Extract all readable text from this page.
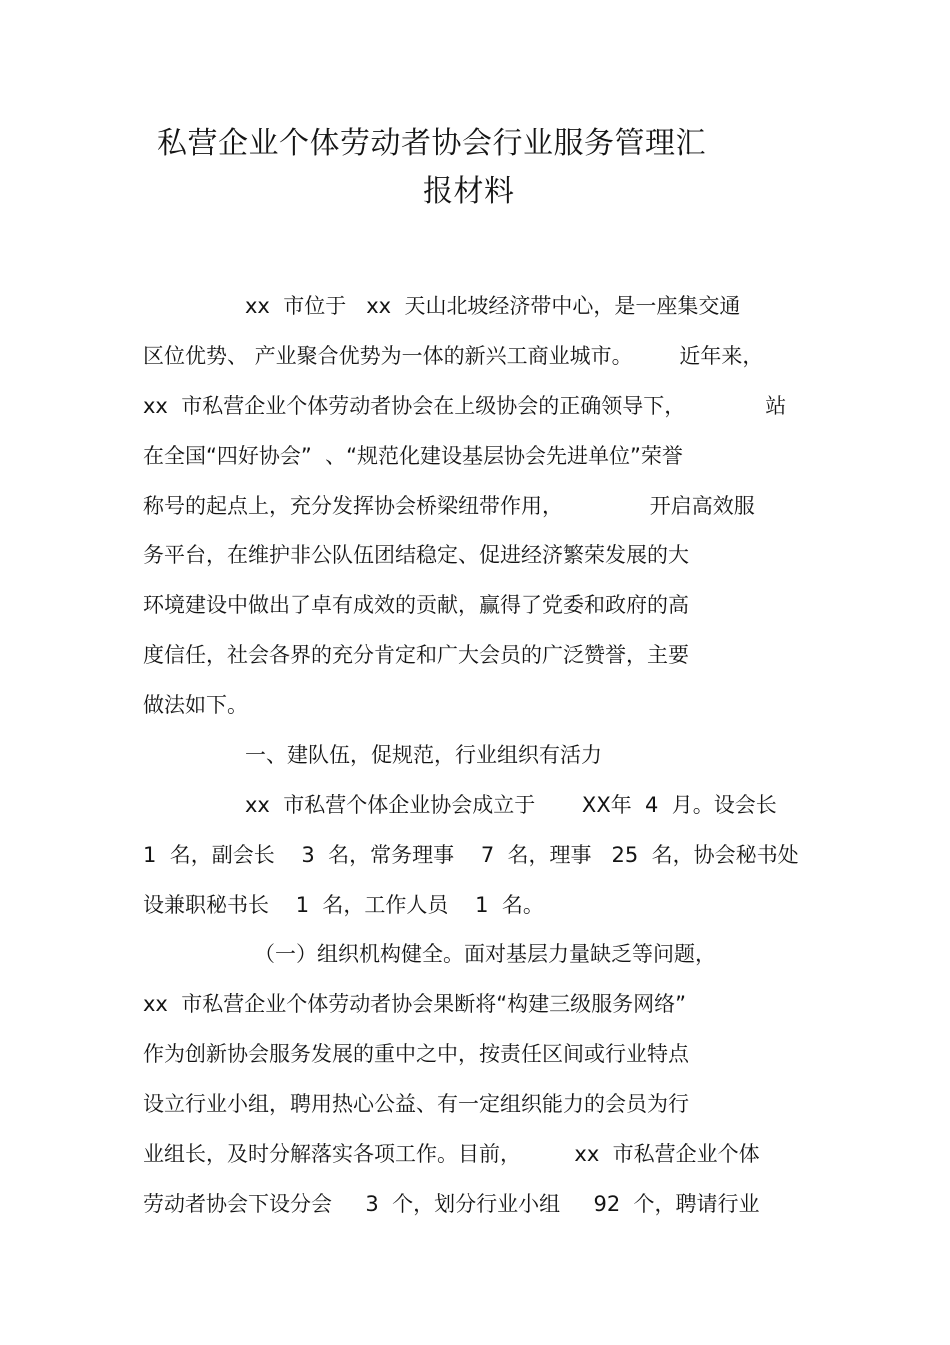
私营企业个体劳动者协会行业服务管理汇
报材料
xx  市位于   xx  天山北坡经济带中心，是一座集交通
区位优势、 产业聚合优势为一体的新兴工商业城市。       近年来，
xx  市私营企业个体劳动者协会在上级协会的正确领导下，            站
在全国“四好协会”  、“规范化建设基层协会先进单位”荣誉
称号的起点上，充分发挥协会桥梁纽带作用，             开启高效服
务平台，在维护非公队伍团结稳定、促进经济繁荣发展的大
环境建设中做出了卓有成效的贡献，赢得了党委和政府的高
度信任，社会各界的充分肯定和广大会员的广泛赞誉，主要
做法如下。
一、建队伍，促规范，行业组织有活力
xx  市私营个体企业协会成立于       XX年  4  月。设会长
1  名，副会长    3  名，常务理事    7  名，理事   25  名，协会秘书处
设兼职秘书长    1  名，工作人员    1  名。
（一）组织机构健全。面对基层力量缺乏等问题，
xx  市私营企业个体劳动者协会果断将“构建三级服务网络”
作为创新协会服务发展的重中之中，按责任区间或行业特点
设立行业小组，聘用热心公益、有一定组织能力的会员为行
业组长，及时分解落实各项工作。目前，        xx  市私营企业个体
劳动者协会下设分会     3  个，划分行业小组     92  个，聘请行业
